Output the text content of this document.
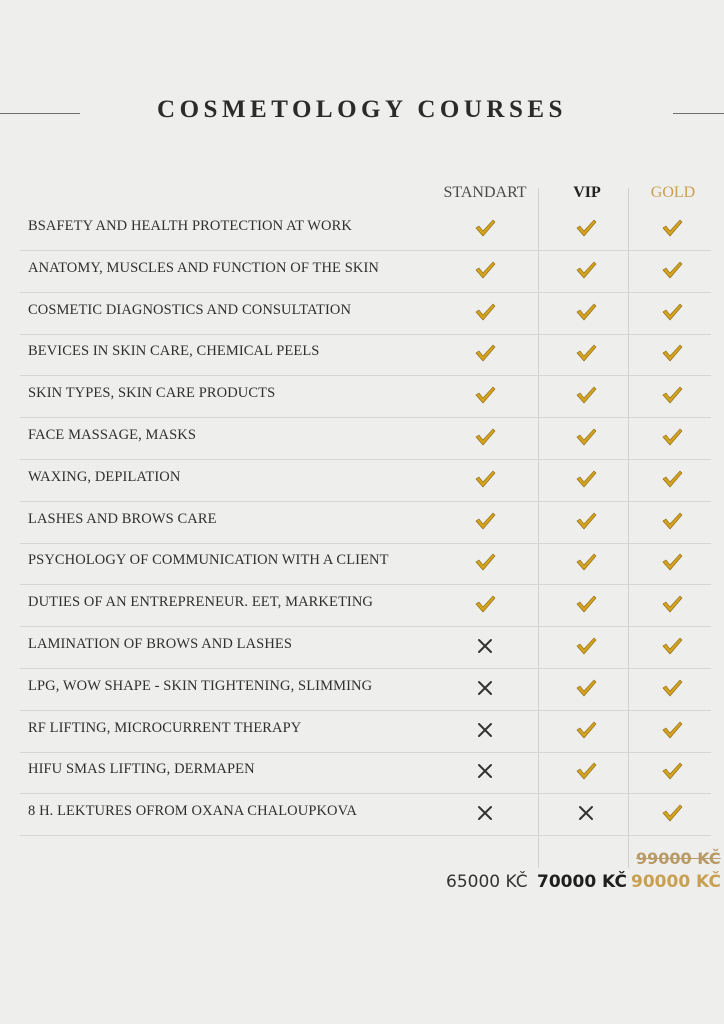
COSMETOLOGY COURSES
STANDART	VIP	GOLD
BSAFETY AND HEALTH PROTECTION AT WORK
ANATOMY, MUSCLES AND FUNCTION OF THE SKIN
COSMETIC DIAGNOSTICS AND CONSULTATION
BEVICES IN SKIN CARE, CHEMICAL PEELS
SKIN TYPES, SKIN CARE PRODUCTS
FACE MASSAGE, MASKS
WAXING, DEPILATION
LASHES AND BROWS CARE
PSYCHOLOGY OF COMMUNICATION WITH A CLIENT
DUTIES OF AN ENTREPRENEUR. EET, MARKETING
LAMINATION OF BROWS AND LASHES
LPG, WOW SHAPE - SKIN TIGHTENING, SLIMMING
RF LIFTING, MICROCURRENT THERAPY
HIFU SMAS LIFTING, DERMAPEN
8 H. LEKTURES OFROM OXANA CHALOUPKOVA
65000 KČ 70000 KČ
99000 KČ
90000 KČ
